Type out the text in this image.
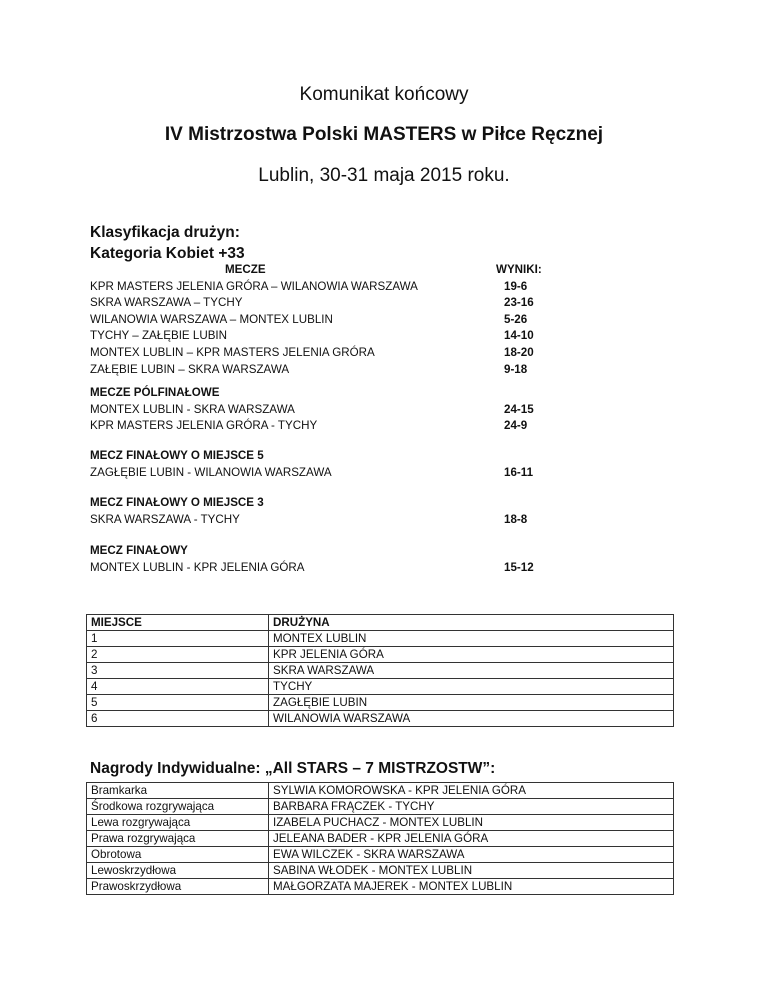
Komunikat końcowy
IV Mistrzostwa Polski MASTERS w Piłce Ręcznej
Lublin, 30-31 maja 2015 roku.
Klasyfikacja drużyn:
Kategoria Kobiet +33
MECZE	WYNIKI:
KPR MASTERS JELENIA GRÓRA – WILANOWIA WARSZAWA	19-6
SKRA WARSZAWA – TYCHY	23-16
WILANOWIA WARSZAWA – MONTEX LUBLIN	5-26
TYCHY – ZAŁĘBIE LUBIN	14-10
MONTEX LUBLIN – KPR MASTERS JELENIA GRÓRA	18-20
ZAŁĘBIE LUBIN – SKRA WARSZAWA	9-18
MECZE PÓLFINAŁOWE
MONTEX LUBLIN - SKRA WARSZAWA	24-15
KPR MASTERS JELENIA GRÓRA - TYCHY	24-9
MECZ FINAŁOWY O MIEJSCE 5
ZAGŁĘBIE LUBIN - WILANOWIA WARSZAWA	16-11
MECZ FINAŁOWY O MIEJSCE 3
SKRA WARSZAWA - TYCHY	18-8
MECZ FINAŁOWY
MONTEX LUBLIN - KPR JELENIA GÓRA	15-12
MIEJSCE	DRUŻYNA
1	MONTEX LUBLIN
2	KPR JELENIA GÓRA
3	SKRA WARSZAWA
4	TYCHY
5	ZAGŁĘBIE LUBIN
6	WILANOWIA WARSZAWA
Nagrody Indywidualne: „All STARS – 7 MISTRZOSTW”:
Bramkarka	SYLWIA KOMOROWSKA - KPR JELENIA GÓRA
Środkowa rozgrywająca	BARBARA FRĄCZEK - TYCHY
Lewa rozgrywająca	IZABELA PUCHACZ - MONTEX LUBLIN
Prawa rozgrywająca	JELEANA BADER - KPR JELENIA GÓRA
Obrotowa	EWA WILCZEK - SKRA WARSZAWA
Lewoskrzydłowa	SABINA WŁODEK - MONTEX LUBLIN
Prawoskrzydłowa	MAŁGORZATA MAJEREK - MONTEX LUBLIN
